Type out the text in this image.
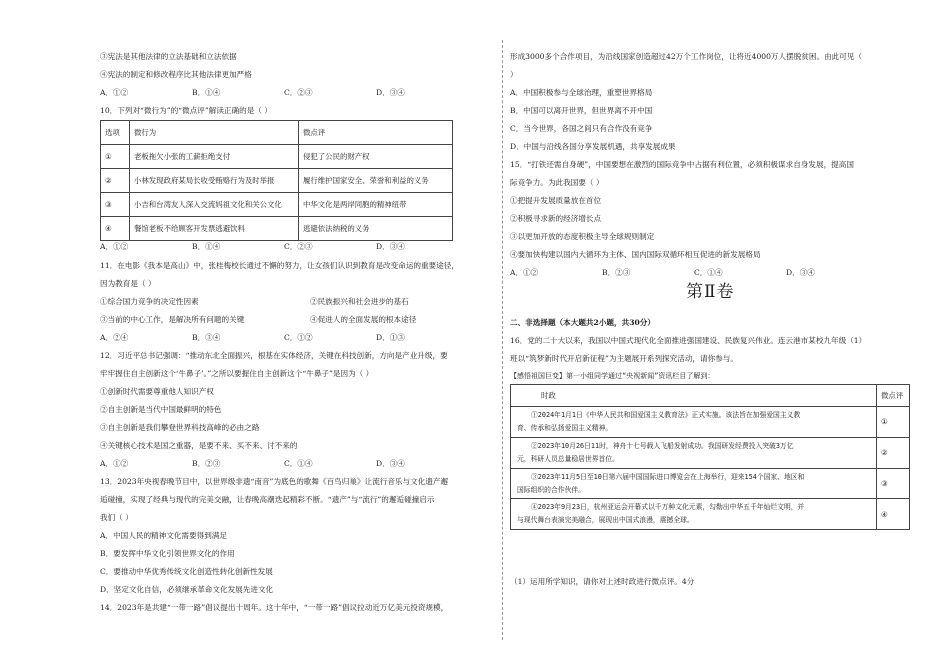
③宪法是其他法律的立法基础和立法依据
④宪法的制定和修改程序比其他法律更加严格
A．①②	B．①④	C．②③	D．③④
10．下列对“微行为”的“微点评”解读正确的是（ ）
选项	微行为	微点评
①	老板拖欠小张的工薪拒绝支付	侵犯了公民的财产权
②	小林发现政府某局长收受贿赂行为及时举报	履行维护国家安全、荣誉和利益的义务
③	小吉和台湾友人深入交流妈祖文化和关公文化	中华文化是两岸同胞的精神纽带
④	餐馆老板不给顾客开发票逃避饮料	逃避依法纳税的义务
A．①②	B．①④	C．②③	D．③④
11．在电影《我本是高山》中，张桂梅校长通过不懈的努力，让女孩们认识到教育是改变命运的重要途径，
因为教育是（ ）
①综合国力竞争的决定性因素	②民族振兴和社会进步的基石
③当前的中心工作，是解决所有问题的关键	④促进人的全面发展的根本途径
A．②④	B．③④	C．①②	D．①③
12．习近平总书记强调：“推动东北全面振兴，根基在实体经济，关键在科技创新，方向是产业升级，要
牢牢握住自主创新这个‘牛鼻子’。”之所以要握住自主创新这个“牛鼻子”是因为（ ）
①创新时代需要尊重他人知识产权
②自主创新是当代中国最鲜明的特色
③自主创新是我们攀登世界科技高峰的必由之路
④关键核心技术是国之重器，是要不来、买不来、讨不来的
A．①②	B．②③	C．①④	D．③④
13．2023年央视春晚节目中，以世界级非遗“南音”为底色的歌舞《百鸟归巢》让流行音乐与文化遗产邂
逅碰撞，实现了经典与现代的完美交融，让春晚高潮迭起精彩不断。“遗产”与“流行”的邂逅碰撞启示
我们（ ）
A．中国人民的精神文化需要得到满足
B．要发挥中华文化引领世界文化的作用
C．要推动中华优秀传统文化创造性转化创新性发展
D．坚定文化自信，必须继承革命文化发展先进文化
14．2023年是共建“一带一路”倡议提出十周年。这十年中，“一带一路”倡议拉动近万亿美元投资规模，
形成3000多个合作项目，为沿线国家创造超过42万个工作岗位，让将近4000万人摆脱贫困。由此可见（
）
A．中国积极参与全球治理，重塑世界格局
B．中国可以离开世界，但世界离不开中国
C．当今世界，各国之间只有合作没有竞争
D．中国与沿线各国分享发展机遇，共享发展成果
15．“打铁还需自身硬”，中国要想在激烈的国际竞争中占据有利位置，必须积极谋求自身发展，提高国
际竞争力。为此我国要（ ）
①把提升发展质量放在首位
②积极寻求新的经济增长点
③以更加开放的态度积极主导全球规则制定
④要加快构建以国内大循环为主体、国内国际双循环相互促进的新发展格局
A．①②	B．②③	C．①④	D．③④
第Ⅱ卷
二、非选择题（本大题共2小题，共30分）
16．党的二十大以来，我国以中国式现代化全面推进强国建设、民族复兴伟业。连云港市某校九年级（1）
班以“筑梦新时代开启新征程”为主题展开系列探究活动，请你参与。
【感悟祖国巨变】第一小组同学通过“央视新闻”资讯栏目了解到：
时政	微点评

①2024年1月1日《中华人民共和国爱国主义教育法》正式实施。该法旨在加强爱国主义教
育、传承和弘扬爱国主义精神。	①

②2023年10月26日11时，神舟十七号载人飞船发射成功。我国研发经费投入突破3万亿
元，科研人员总量稳居世界首位。	②

③2023年11月5日至10日第六届中国国际进口博览会在上海举行，迎来154个国家、地区和
国际组织的合作伙伴。	③

④2023年9月23日，杭州亚运会开幕式以千万种文化元素，勾勒出中华五千年灿烂文明，并
与现代舞台表演完美融合，展现出中国式浪漫，震撼全球。	④
（1）运用所学知识，请你对上述时政进行微点评。4分
